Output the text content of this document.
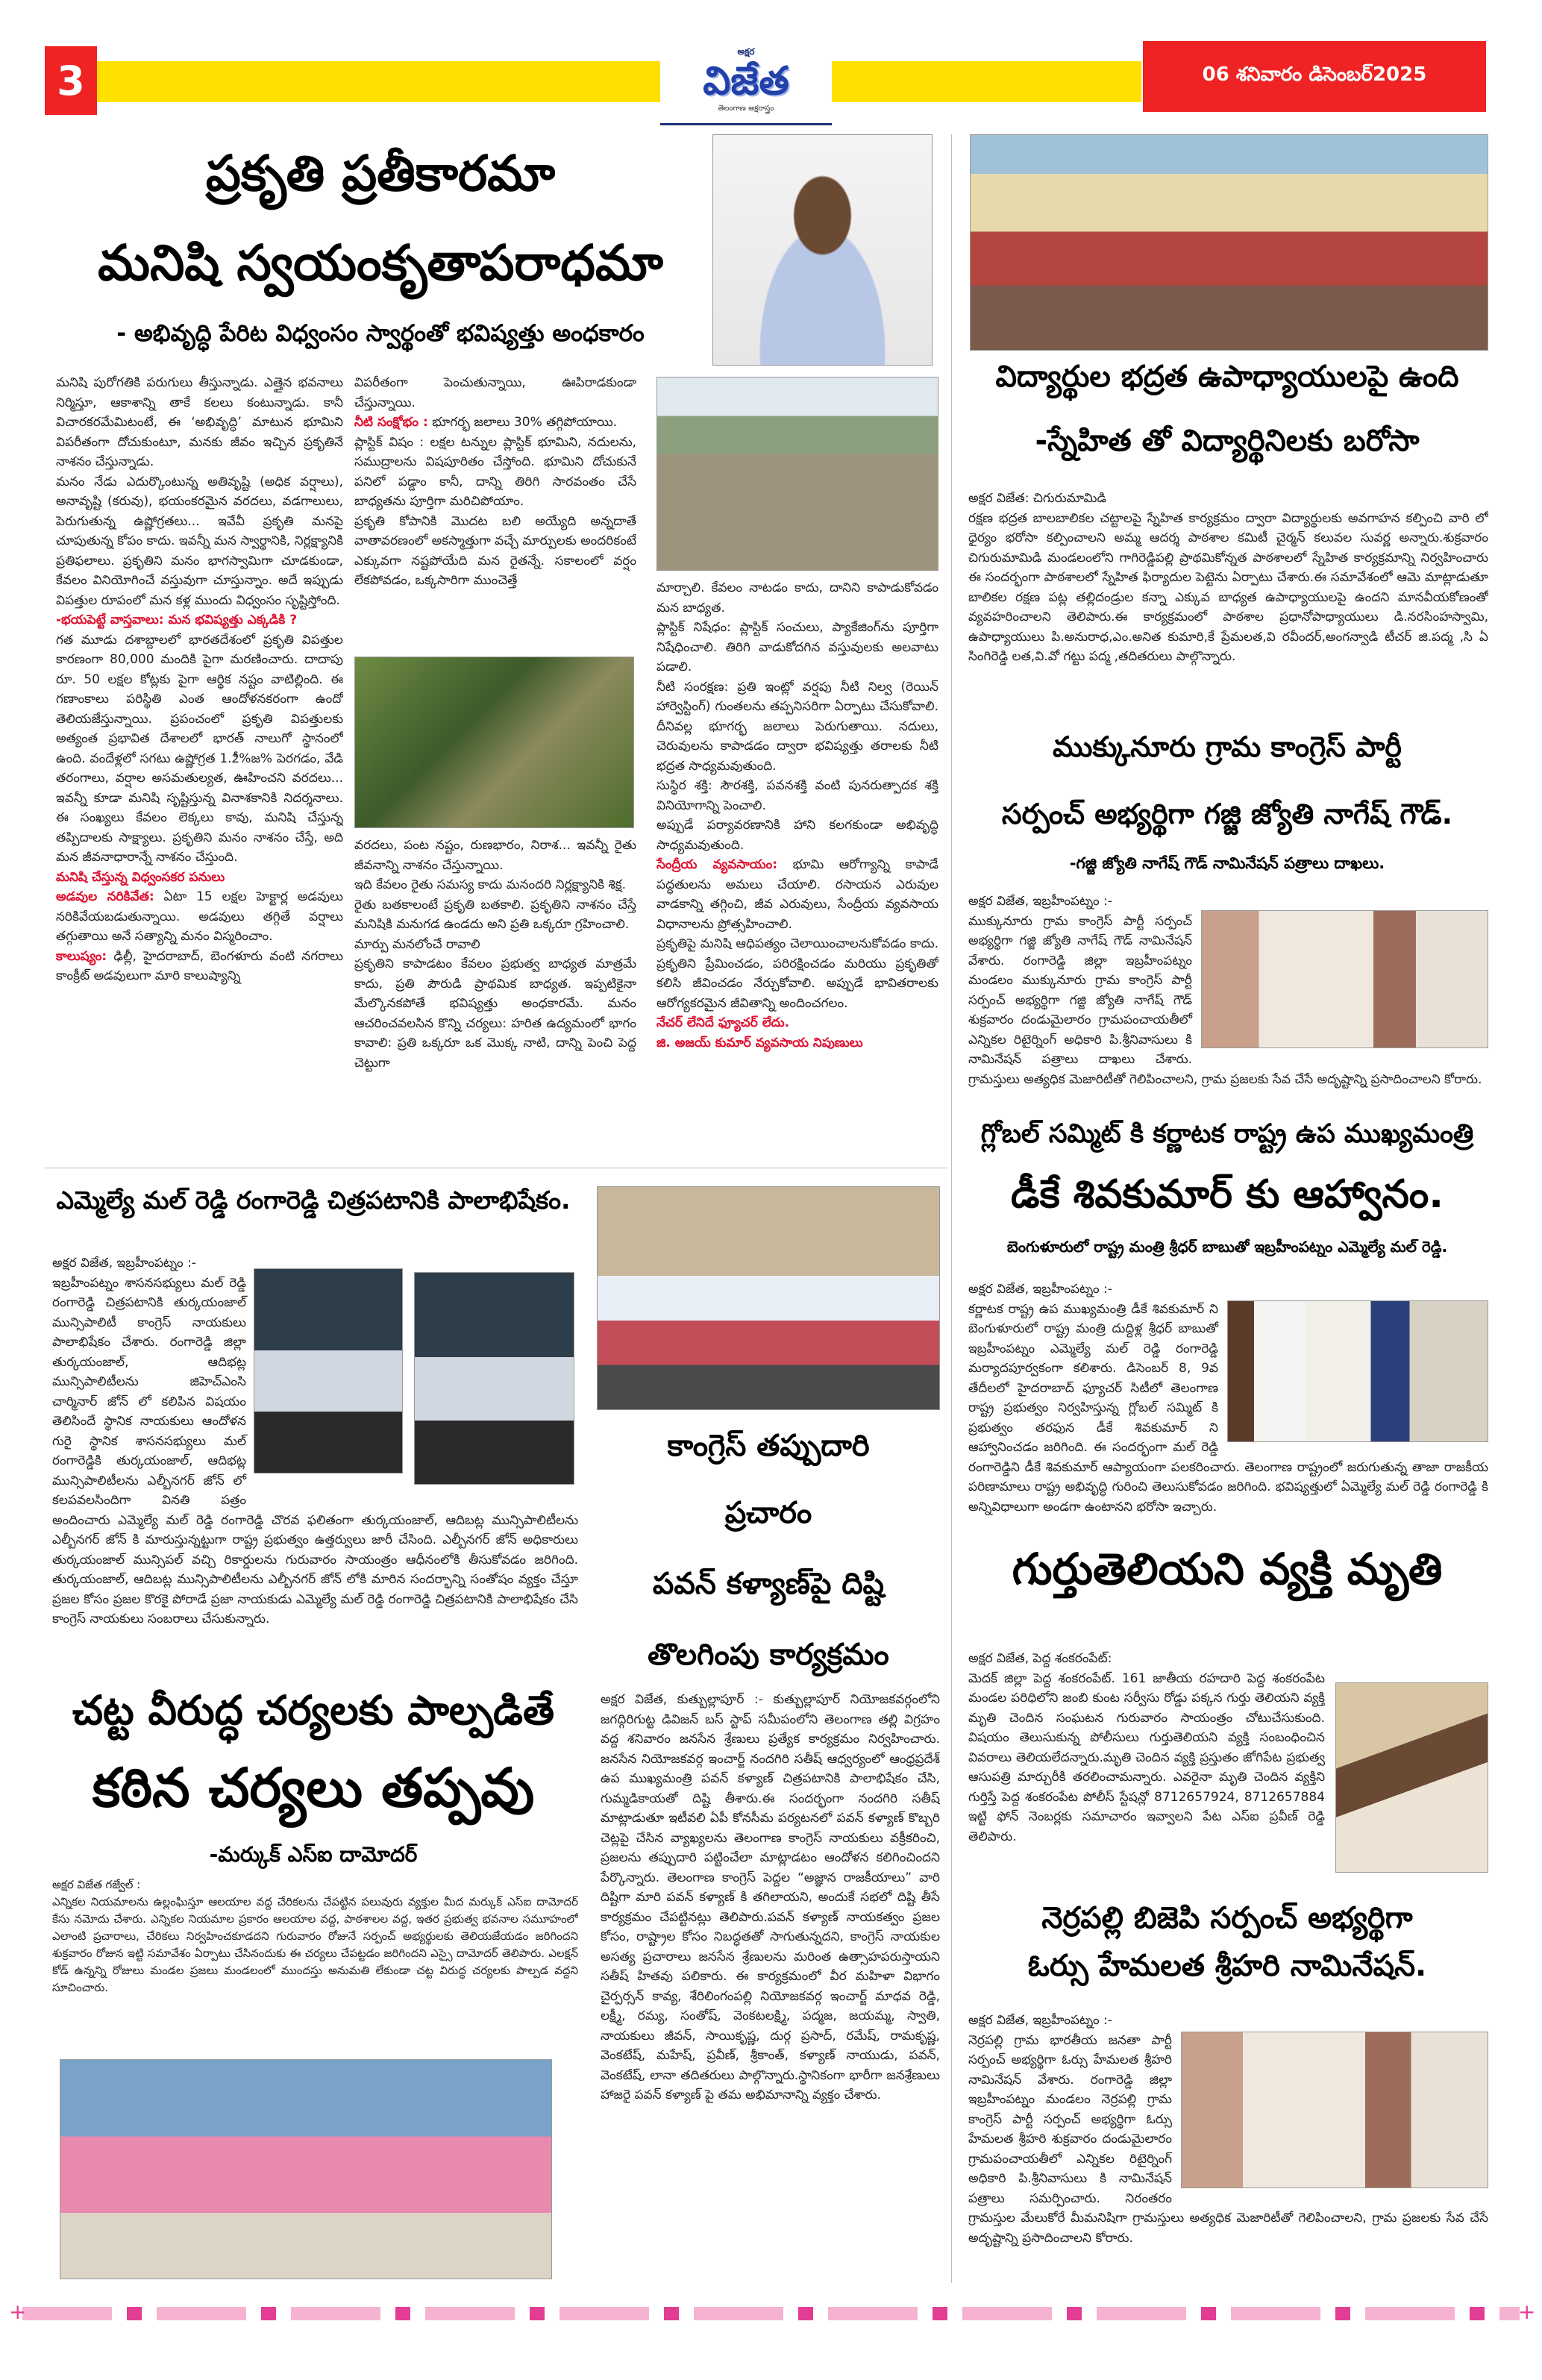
3
అక్షర
విజేత
తెలంగాణ అక్షరాస్త్రం
06 శనివారం డిసెంబర్2025
ప్రకృతి ప్రతీకారమా
మనిషి స్వయంకృతాపరాధమా
- అభివృద్ధి పేరిట విధ్వంసం స్వార్థంతో భవిష్యత్తు అంధకారం

మనిషి పురోగతికి పరుగులు తీస్తున్నాడు. ఎత్తైన భవనాలు నిర్మిస్తూ, ఆకాశాన్ని తాకే కలలు కంటున్నాడు. కానీ విచారకరమేమిటంటే, ఈ ‘అభివృద్ధి’ మాటున భూమిని విపరీతంగా దోచుకుంటూ, మనకు జీవం ఇచ్చిన ప్రకృతినే నాశనం చేస్తున్నాడు.

మనం నేడు ఎదుర్కొంటున్న అతివృష్టి (అధిక వర్షాలు), అనావృష్టి (కరువు), భయంకరమైన వరదలు, వడగాలులు, పెరుగుతున్న ఉష్ణోగ్రతలు... ఇవేవీ ప్రకృతి మనపై చూపుతున్న కోపం కాదు. ఇవన్నీ మన స్వార్థానికి, నిర్లక్ష్యానికి ప్రతిఫలాలు. ప్రకృతిని మనం భాగస్వామిగా చూడకుండా, కేవలం వినియోగించే వస్తువుగా చూస్తున్నాం. అదే ఇప్పుడు విపత్తుల రూపంలో మన కళ్ల ముందు విధ్వంసం సృష్టిస్తోంది.

-భయపెట్టే వాస్తవాలు: మన భవిష్యత్తు ఎక్కడికి ?

గత మూడు దశాబ్దాలలో భారతదేశంలో ప్రకృతి విపత్తుల కారణంగా 80,000 మందికి పైగా మరణించారు. దాదాపు రూ. 50 లక్షల కోట్లకు పైగా ఆర్థిక నష్టం వాటిల్లింది. ఈ గణాంకాలు పరిస్థితి ఎంత ఆందోళనకరంగా ఉందో తెలియజేస్తున్నాయి. ప్రపంచంలో ప్రకృతి విపత్తులకు అత్యంత ప్రభావిత దేశాలలో భారత్ నాలుగో స్థానంలో ఉంది. వందేళ్లలో సగటు ఉష్ణోగ్రత 1.2ీ%జ% పెరగడం, వేడి తరంగాలు, వర్షాల అసమతుల్యత, ఊహించని వరదలు... ఇవన్నీ కూడా మనిషి సృష్టిస్తున్న వినాశకానికి నిదర్శనాలు. ఈ సంఖ్యలు కేవలం లెక్కలు కావు, మనిషి చేస్తున్న తప్పిదాలకు సాక్ష్యాలు. ప్రకృతిని మనం నాశనం చేస్తే, అది మన జీవనాధారాన్నే నాశనం చేస్తుంది.

మనిషి చేస్తున్న విధ్వంసకర పనులు

అడవుల నరికివేత: ఏటా 15 లక్షల హెక్టార్ల అడవులు నరికివేయబడుతున్నాయి. అడవులు తగ్గితే వర్షాలు తగ్గుతాయి అనే సత్యాన్ని మనం విస్మరించాం.

కాలుష్యం: ఢిల్లీ, హైదరాబాద్, బెంగళూరు వంటి నగరాలు కాంక్రీట్ అడవులుగా మారి కాలుష్యాన్ని

విపరీతంగా పెంచుతున్నాయి, ఊపిరాడకుండా చేస్తున్నాయి.

నీటి సంక్షోభం : భూగర్భ జలాలు 30% తగ్గిపోయాయి.

ప్లాస్టిక్ విషం : లక్షల టన్నుల ప్లాస్టిక్ భూమిని, నదులను, సముద్రాలను విషపూరితం చేస్తోంది. భూమిని దోచుకునే పనిలో పడ్డాం కానీ, దాన్ని తిరిగి సారవంతం చేసే బాధ్యతను పూర్తిగా మరిచిపోయాం.

ప్రకృతి కోపానికి మొదట బలి అయ్యేది అన్నదాతే వాతావరణంలో అకస్మాత్తుగా వచ్చే మార్పులకు అందరికంటే ఎక్కువగా నష్టపోయేది మన రైతన్నే. సకాలంలో వర్షం లేకపోవడం, ఒక్కసారిగా ముంచెత్తే

వరదలు, పంట నష్టం, రుణభారం, నిరాశ... ఇవన్నీ రైతు జీవనాన్ని నాశనం చేస్తున్నాయి.

ఇది కేవలం రైతు సమస్య కాదు మనందరి నిర్లక్ష్యానికి శిక్ష.

రైతు బతకాలంటే ప్రకృతి బతకాలి. ప్రకృతిని నాశనం చేస్తే మనిషికి మనుగడ ఉండదు అని ప్రతి ఒక్కరూ గ్రహించాలి.

మార్పు మనలోంచే రావాలి

ప్రకృతిని కాపాడటం కేవలం ప్రభుత్వ బాధ్యత మాత్రమే కాదు, ప్రతి పౌరుడి ప్రాథమిక బాధ్యత. ఇప్పటికైనా మేల్కొనకపోతే భవిష్యత్తు అంధకారమే. మనం ఆచరించవలసిన కొన్ని చర్యలు: హరిత ఉద్యమంలో భాగం కావాలి: ప్రతి ఒక్కరూ ఒక మొక్క నాటి, దాన్ని పెంచి పెద్ద చెట్టుగా

మార్చాలి. కేవలం నాటడం కాదు, దానిని కాపాడుకోవడం మన బాధ్యత.

ప్లాస్టిక్ నిషేధం: ప్లాస్టిక్ సంచులు, ప్యాకేజింగ్‌ను పూర్తిగా నిషేధించాలి. తిరిగి వాడుకోదగిన వస్తువులకు అలవాటు పడాలి.

నీటి సంరక్షణ: ప్రతి ఇంట్లో వర్షపు నీటి నిల్వ (రెయిన్ హార్వెస్టింగ్) గుంతలను తప్పనిసరిగా ఏర్పాటు చేసుకోవాలి. దీనివల్ల భూగర్భ జలాలు పెరుగుతాయి. నదులు, చెరువులను కాపాడడం ద్వారా భవిష్యత్తు తరాలకు నీటి భద్రత సాధ్యమవుతుంది.

సుస్థిర శక్తి: సౌరశక్తి, పవనశక్తి వంటి పునరుత్పాదక శక్తి వినియోగాన్ని పెంచాలి.

అప్పుడే పర్యావరణానికి హాని కలగకుండా అభివృద్ధి సాధ్యమవుతుంది.

సేంద్రీయ వ్యవసాయం: భూమి ఆరోగ్యాన్ని కాపాడే పద్ధతులను అమలు చేయాలి. రసాయన ఎరువుల వాడకాన్ని తగ్గించి, జీవ ఎరువులు, సేంద్రీయ వ్యవసాయ విధానాలను ప్రోత్సహించాలి.

ప్రకృతిపై మనిషి ఆధిపత్యం చెలాయించాలనుకోవడం కాదు. ప్రకృతిని ప్రేమించడం, పరిరక్షించడం మరియు ప్రకృతితో కలిసి జీవించడం నేర్చుకోవాలి. అప్పుడే భావితరాలకు ఆరోగ్యకరమైన జీవితాన్ని అందించగలం.

నేచర్ లేనిదే ఫ్యూచర్ లేదు.

జి. అజయ్ కుమార్ వ్యవసాయ నిపుణులు

విద్యార్థుల భద్రత ఉపాధ్యాయులపై ఉంది
-స్నేహిత తో విద్యార్థినిలకు బరోసా

అక్షర విజేత: చిగురుమామిడి

రక్షణ భద్రత బాలబాలికల చట్టాలపై స్నేహిత కార్యక్రమం ద్వారా విద్యార్థులకు అవగాహన కల్పించి వారి లో ధైర్యం భరోసా కల్పించాలని అమ్మ ఆదర్శ పాఠశాల కమిటీ చైర్మన్ కలువల సువర్ణ అన్నారు.శుక్రవారం చిగురుమామిడి మండలంలోని గాగిరెడ్డిపల్లి ప్రాథమికోన్నత పాఠశాలలో స్నేహిత కార్యక్రమాన్ని నిర్వహించారు ఈ సందర్భంగా పాఠశాలలో స్నేహిత ఫిర్యాదుల పెట్టెను ఏర్పాటు చేశారు.ఈ సమావేశంలో ఆమె మాట్లాడుతూ బాలికల రక్షణ పట్ల తల్లిదండ్రుల కన్నా ఎక్కువ బాధ్యత ఉపాధ్యాయులపై ఉందని మానవీయకోణంతో వ్యవహరించాలని తెలిపారు.ఈ కార్యక్రమంలో పాఠశాల ప్రధానోపాధ్యాయులు డి.నరసింహస్వామి, ఉపాధ్యాయులు పి.అనురాధ,ఎం.అనిత కుమారి,కే ప్రేమలత,వి రవీందర్,అంగన్వాడి టీచర్ జి.పద్మ ,సి ఏ సింగిరెడ్డి లత,వి.వో గట్టు పద్మ ,తదితరులు పాల్గొన్నారు.

ముక్కునూరు గ్రామ కాంగ్రెస్ పార్టీ
సర్పంచ్ అభ్యర్థిగా గజ్జి జ్యోతి నాగేష్ గౌడ్.
-గజ్జి జ్యోతి నాగేష్ గౌడ్ నామినేషన్ పత్రాలు దాఖలు.

అక్షర విజేత, ఇబ్రహీంపట్నం :-

ముక్కునూరు గ్రామ కాంగ్రెస్ పార్టీ సర్పంచ్ అభ్యర్థిగా గజ్జి జ్యోతి నాగేష్ గౌడ్ నామినేషన్ వేశారు. రంగారెడ్డి జిల్లా ఇబ్రహీంపట్నం మండలం ముక్కునూరు గ్రామ కాంగ్రెస్ పార్టీ సర్పంచ్ అభ్యర్థిగా గజ్జి జ్యోతి నాగేష్ గౌడ్ శుక్రవారం దండుమైలారం గ్రామపంచాయతీలో ఎన్నికల రిటైర్నింగ్ అధికారి పి.శ్రీనివాసులు కి నామినేషన్ పత్రాలు దాఖలు చేశారు. గ్రామస్తులు అత్యధిక మెజారిటీతో గెలిపించాలని, గ్రామ ప్రజలకు సేవ చేసే అదృష్టాన్ని ప్రసాదించాలని కోరారు.

గ్లోబల్ సమ్మిట్ కి కర్ణాటక రాష్ట్ర ఉప ముఖ్యమంత్రి
డీకే శివకుమార్ కు ఆహ్వానం.
బెంగుళూరులో రాష్ట్ర మంత్రి శ్రీధర్ బాబుతో ఇబ్రహీంపట్నం ఎమ్మెల్యే మల్ రెడ్డి.

అక్షర విజేత, ఇబ్రహీంపట్నం :-

కర్ణాటక రాష్ట్ర ఉప ముఖ్యమంత్రి డీకే శివకుమార్ ని బెంగుళూరులో రాష్ట్ర మంత్రి దుద్దిళ్ల శ్రీధర్ బాబుతో ఇబ్రహీంపట్నం ఎమ్మెల్యే మల్ రెడ్డి రంగారెడ్డి మర్యాదపూర్వకంగా కలిశారు. డిసెంబర్ 8, 9వ తేదీలలో హైదరాబాద్ ఫ్యూచర్ సిటీలో తెలంగాణ రాష్ట్ర ప్రభుత్వం నిర్వహిస్తున్న గ్లోబల్ సమ్మిట్ కి ప్రభుత్వం తరఫున డీకే శివకుమార్ ని ఆహ్వానించడం జరిగింది. ఈ సందర్భంగా మల్ రెడ్డి రంగారెడ్డిని డీకే శివకుమార్ ఆప్యాయంగా పలకరించారు. తెలంగాణ రాష్ట్రంలో జరుగుతున్న తాజా రాజకీయ పరిణామాలు రాష్ట్ర అభివృద్ధి గురించి తెలుసుకోవడం జరిగింది. భవిష్యత్తులో ఏమ్మెల్యే మల్ రెడ్డి రంగారెడ్డి కి అన్నివిధాలుగా అండగా ఉంటానని భరోసా ఇచ్చారు.

గుర్తుతెలియని వ్యక్తి మృతి

అక్షర విజేత, పెద్ద శంకరంపేట్:

మెదక్ జిల్లా పెద్ద శంకరంపేట్. 161 జాతీయ రహదారి పెద్ద శంకరంపేట మండల పరిధిలోని జంబి కుంట సర్వీసు రోడ్డు పక్కన గుర్తు తెలియని వ్యక్తి మృతి చెందిన సంఘటన గురువారం సాయంత్రం చోటుచేసుకుంది. విషయం తెలుసుకున్న పోలీసులు గుర్తుతెలియని వ్యక్తి సంబంధించిన వివరాలు తెలియలేదన్నారు.మృతి చెందిన వ్యక్తి ప్రస్తుతం జోగిపేట ప్రభుత్వ ఆసుపత్రి మార్చురీకి తరలించామన్నారు. ఎవరైనా మృతి చెందిన వ్యక్తిని గుర్తిస్తే పెద్ద శంకరంపేట పోలీస్ స్టేషన్లో 8712657924, 8712657884 ఇట్టి ఫోన్ నెంబర్లకు సమాచారం ఇవ్వాలని పేట ఎస్ఐ ప్రవీణ్ రెడ్డి తెలిపారు.

నెర్రపల్లి బిజెపి సర్పంచ్ అభ్యర్థిగా
ఓర్సు హేమలత శ్రీహరి నామినేషన్.

అక్షర విజేత, ఇబ్రహీంపట్నం :-

నెర్రపల్లి గ్రామ భారతీయ జనతా పార్టీ సర్పంచ్ అభ్యర్థిగా ఓర్సు హేమలత శ్రీహరి నామినేషన్ వేశారు. రంగారెడ్డి జిల్లా ఇబ్రహీంపట్నం మండలం నెర్రపల్లి గ్రామ కాంగ్రెస్ పార్టీ సర్పంచ్ అభ్యర్థిగా ఓర్సు హేమలత శ్రీహరి శుక్రవారం దండుమైలారం గ్రామపంచాయతీలో ఎన్నికల రిటైర్నింగ్ అధికారి పి.శ్రీనివాసులు కి నామినేషన్ పత్రాలు సమర్పించారు. నిరంతరం గ్రామస్తుల మేలుకోరే మీమనిషిగా గ్రామస్తులు అత్యధిక మెజారిటీతో గెలిపించాలని, గ్రామ ప్రజలకు సేవ చేసే అదృష్టాన్ని ప్రసాదించాలని కోరారు.

ఎమ్మెల్యే మల్ రెడ్డి రంగారెడ్డి చిత్రపటానికి పాలాభిషేకం.

అక్షర విజేత, ఇబ్రహీంపట్నం :-

ఇబ్రహీంపట్నం శాసనసభ్యులు మల్ రెడ్డి రంగారెడ్డి చిత్రపటానికి తుర్కయంజాల్ మున్సిపాలిటీ కాంగ్రెస్ నాయకులు పాలాభిషేకం చేశారు. రంగారెడ్డి జిల్లా తుర్కయంజాల్, ఆదిభట్ల మున్సిపాలిటీలను జిహెచ్ఎంసి చార్మినార్ జోన్ లో కలిపిన విషయం తెలిసిందే స్థానిక నాయకులు ఆందోళన గురై స్థానిక శాసనసభ్యులు మల్ రంగారెడ్డికి తుర్కయంజాల్, ఆదిభట్ల మున్సిపాలిటీలను ఎల్బీనగర్ జోన్ లో కలపవలసిందిగా వినతి పత్రం అందించారు ఎమ్మెల్యే మల్ రెడ్డి రంగారెడ్డి చొరవ ఫలితంగా తుర్కయంజాల్, ఆదిబట్ల మున్సిపాలిటీలను ఎల్బీనగర్ జోన్ కి మారుస్తున్నట్టుగా రాష్ట్ర ప్రభుత్వం ఉత్తర్వులు జారీ చేసింది. ఎల్బీనగర్ జోన్ అధికారులు తుర్కయంజాల్ మున్సిపల్ వచ్చి రికార్డులను గురువారం సాయంత్రం ఆధీనంలోకి తీసుకోవడం జరిగింది. తుర్కయంజాల్, ఆదిబట్ల మున్సిపాలిటీలను ఎల్బీనగర్ జోన్ లోకి మారిన సందర్భాన్ని సంతోషం వ్యక్తం చేస్తూ ప్రజల కోసం ప్రజల కొరకై పోరాడే ప్రజా నాయకుడు ఎమ్మెల్యే మల్ రెడ్డి రంగారెడ్డి చిత్రపటానికి పాలాభిషేకం చేసి కాంగ్రెస్ నాయకులు సంబరాలు చేసుకున్నారు.

చట్ట వీరుద్ధ చర్యలకు పాల్పడితే
కఠిన చర్యలు తప్పవు
-మర్కుక్ ఎస్ఐ దామోదర్

అక్షర విజేత గజ్వేల్ :

ఎన్నికల నియమాలను ఉల్లంఘిస్తూ ఆలయాల వద్ద చేరికలను చేపట్టిన పలువురు వ్యక్తుల మీద మర్కుక్ ఎస్ఐ దామోదర్ కేసు నమోదు చేశారు. ఎన్నికల నియమాల ప్రకారం ఆలయాల వద్ద, పాఠశాలల వద్ద, ఇతర ప్రభుత్వ భవనాల సమూహంలో ఎలాంటి ప్రచారాలు, చేరికలు నిర్వహించకూడదని గురువారం రోజునే సర్పంచ్ అభ్యర్థులకు తెలియజేయడం జరిగిందని శుక్రవారం రోజున ఇట్టి సమావేశం ఏర్పాటు చేసినందుకు ఈ చర్యలు చేపట్టడం జరిగిందని ఎస్సై దామోదర్ తెలిపారు. ఎలక్షన్ కోడ్ ఉన్నన్ని రోజులు మండల ప్రజలు మండలంలో ముందస్తు అనుమతి లేకుండా చట్ట విరుద్ధ చర్యలకు పాల్పడ వద్దని సూచించారు.

కాంగ్రెస్ తప్పుదారి
ప్రచారం
పవన్ కళ్యాణ్‌పై దిష్టి
తొలగింపు కార్యక్రమం

అక్షర విజేత, కుత్బుల్లాపూర్ :- కుత్బుల్లాపూర్ నియోజకవర్గంలోని జగద్గిరిగుట్ట డివిజన్ బస్ స్టాప్ సమీపంలోని తెలంగాణ తల్లి విగ్రహం వద్ద శనివారం జనసేన శ్రేణులు ప్రత్యేక కార్యక్రమం నిర్వహించారు. జనసేన నియోజకవర్గ ఇంచార్జ్ నందగిరి సతీష్ ఆధ్వర్యంలో ఆంధ్రప్రదేశ్ ఉప ముఖ్యమంత్రి పవన్ కళ్యాణ్ చిత్రపటానికి పాలాభిషేకం చేసి, గుమ్మడికాయతో దిష్టి తీశారు.ఈ సందర్భంగా నందగిరి సతీష్ మాట్లాడుతూ ఇటీవలి ఏపీ కోనసీమ పర్యటనలో పవన్ కళ్యాణ్ కొబ్బరి చెట్లపై చేసిన వ్యాఖ్యలను తెలంగాణ కాంగ్రెస్ నాయకులు వక్రీకరించి, ప్రజలను తప్పుదారి పట్టించేలా మాట్లాడటం ఆందోళన కలిగించిందని పేర్కొన్నారు. తెలంగాణ కాంగ్రెస్ పెద్దల “అజ్ఞాన రాజకీయాలు” వారి దిష్టిగా మారి పవన్ కళ్యాణ్ కి తగిలాయని, అందుకే సభలో దిష్టి తీసే కార్యక్రమం చేపట్టినట్లు తెలిపారు.పవన్ కళ్యాణ్ నాయకత్వం ప్రజల కోసం, రాష్ట్రాల కోసం నిబద్ధతతో సాగుతున్నదని, కాంగ్రెస్ నాయకుల అసత్య ప్రచారాలు జనసేన శ్రేణులను మరింత ఉత్సాహపరుస్తాయని సతీష్ హితవు పలికారు. ఈ కార్యక్రమంలో వీర మహిళా విభాగం చైర్పర్సన్ కావ్య, శేరిలింగంపల్లి నియోజకవర్గ ఇంచార్జ్ మాధవ రెడ్డి, లక్ష్మీ, రమ్య, సంతోష్, వెంకటలక్ష్మి, పద్మజ, జయమ్మ, స్వాతి, నాయకులు జీవన్, సాయికృష్ణ, దుర్గ ప్రసాద్, రమేష్, రామకృష్ణ, వెంకటేష్, మహేష్, ప్రవీణ్, శ్రీకాంత్, కళ్యాణ్ నాయుడు, పవన్, వెంకటేష్, లానా తదితరులు పాల్గొన్నారు.స్థానికంగా భారీగా జనశ్రేణులు హాజరై పవన్ కళ్యాణ్ పై తమ అభిమానాన్ని వ్యక్తం చేశారు.

+	+
